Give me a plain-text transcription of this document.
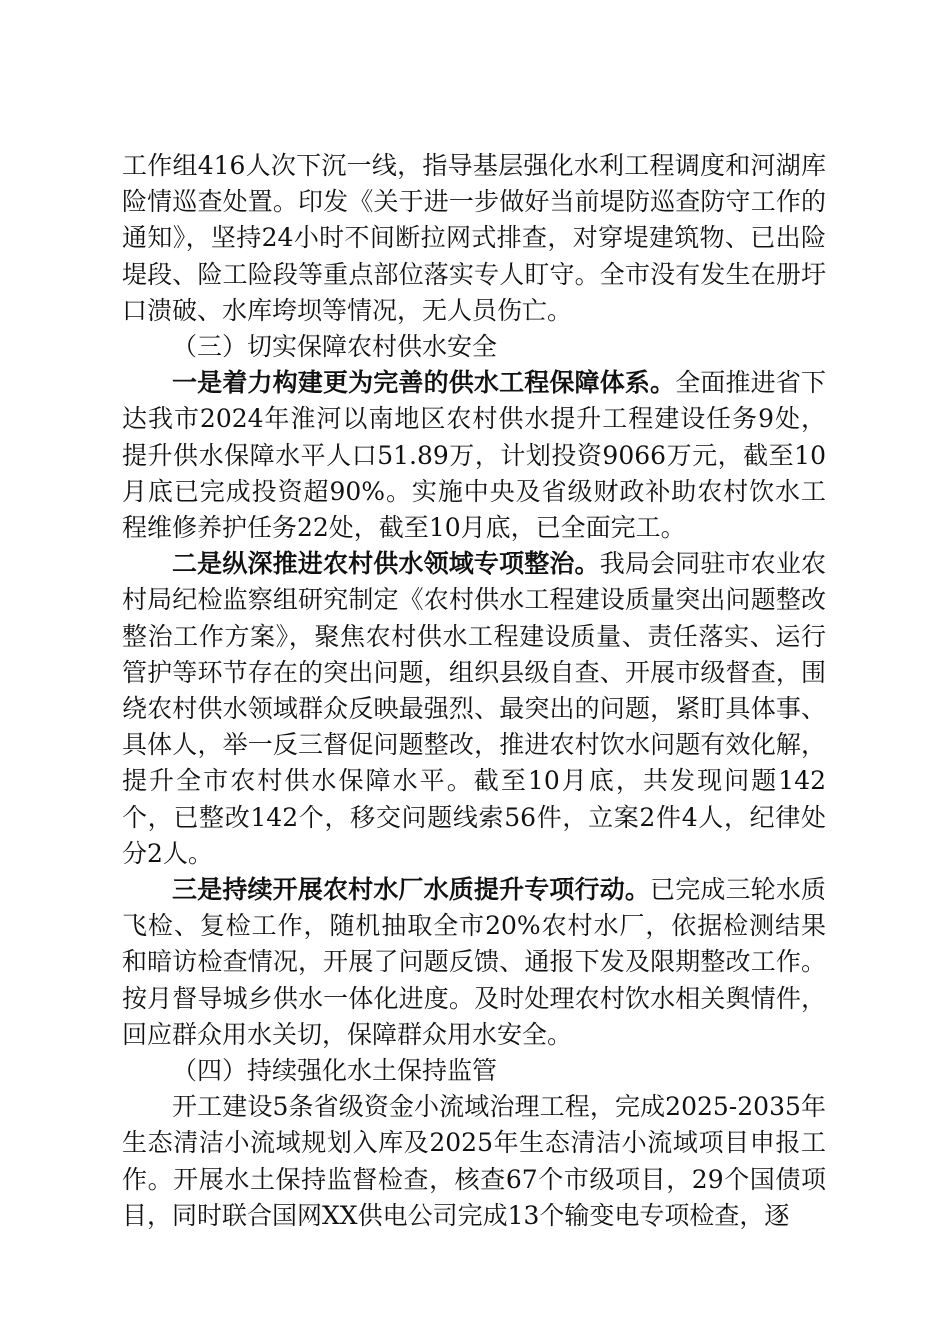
工作组416人次下沉一线，指导基层强化水利工程调度和河湖库险情巡查处置。印发《关于进一步做好当前堤防巡查防守工作的通知》，坚持24小时不间断拉网式排查，对穿堤建筑物、已出险堤段、险工险段等重点部位落实专人盯守。全市没有发生在册圩口溃破、水库垮坝等情况，无人员伤亡。

（三）切实保障农村供水安全

一是着力构建更为完善的供水工程保障体系。全面推进省下达我市2024年淮河以南地区农村供水提升工程建设任务9处，提升供水保障水平人口51.89万，计划投资9066万元，截至10月底已完成投资超90%。实施中央及省级财政补助农村饮水工程维修养护任务22处，截至10月底，已全面完工。

二是纵深推进农村供水领域专项整治。我局会同驻市农业农村局纪检监察组研究制定《农村供水工程建设质量突出问题整改整治工作方案》，聚焦农村供水工程建设质量、责任落实、运行管护等环节存在的突出问题，组织县级自查、开展市级督查，围绕农村供水领域群众反映最强烈、最突出的问题，紧盯具体事、具体人，举一反三督促问题整改，推进农村饮水问题有效化解，提升全市农村供水保障水平。截至10月底，共发现问题142个，已整改142个，移交问题线索56件，立案2件4人，纪律处分2人。

三是持续开展农村水厂水质提升专项行动。已完成三轮水质飞检、复检工作，随机抽取全市20%农村水厂，依据检测结果和暗访检查情况，开展了问题反馈、通报下发及限期整改工作。按月督导城乡供水一体化进度。及时处理农村饮水相关舆情件，回应群众用水关切，保障群众用水安全。

（四）持续强化水土保持监管

开工建设5条省级资金小流域治理工程，完成2025-2035年生态清洁小流域规划入库及2025年生态清洁小流域项目申报工作。开展水土保持监督检查，核查67个市级项目，29个国债项目，同时联合国网XX供电公司完成13个输变电专项检查，逐
